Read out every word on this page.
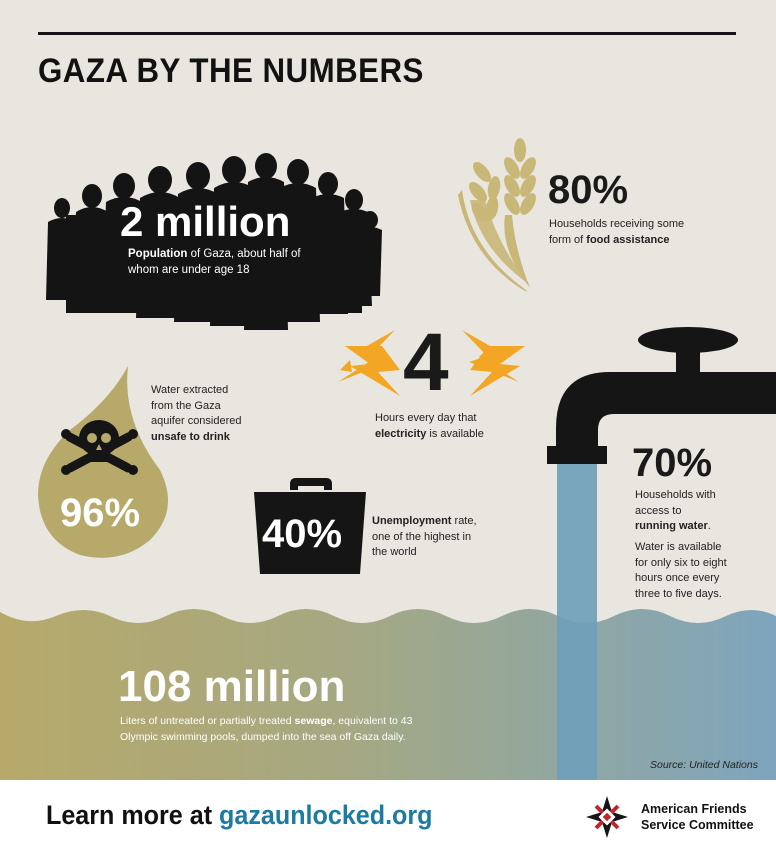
GAZA BY THE NUMBERS
2 million
Population of Gaza, about half of whom are under age 18
80%
Households receiving some form of food assistance
4
Hours every day that electricity is available
Water extracted from the Gaza aquifer considered unsafe to drink
96%	40%	Unemployment rate, one of the highest in the world
70%
Households with access to running water.
Water is available for only six to eight hours once every three to five days.
108 million
Liters of untreated or partially treated sewage, equivalent to 43 Olympic swimming pools, dumped into the sea off Gaza daily.
Source: United Nations
Learn more at gazaunlocked.org	American Friends
Service Committee
